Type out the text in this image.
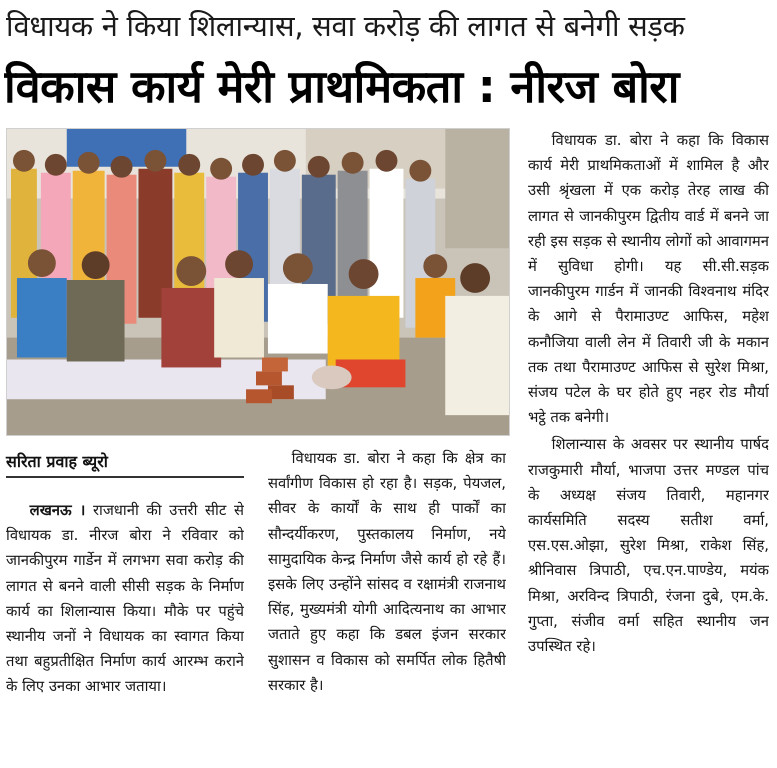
विधायक ने किया शिलान्यास, सवा करोड़ की लागत से बनेगी सड़क
विकास कार्य मेरी प्राथमिकता : नीरज बोरा
सरिता प्रवाह ब्यूरो

लखनऊ । राजधानी की उत्तरी सीट से विधायक डा. नीरज बोरा ने रविवार को जानकीपुरम गार्डेन में लगभग सवा करोड़ की लागत से बनने वाली सीसी सड़क के निर्माण कार्य का शिलान्यास किया। मौके पर पहुंचे स्थानीय जनों ने विधायक का स्वागत किया तथा बहुप्रतीक्षित निर्माण कार्य आरम्भ कराने के लिए उनका आभार जताया।

विधायक डा. बोरा ने कहा कि क्षेत्र का सर्वांगीण विकास हो रहा है। सड़क, पेयजल, सीवर के कार्यों के साथ ही पार्कों का सौन्दर्यीकरण, पुस्तकालय निर्माण, नये सामुदायिक केन्द्र निर्माण जैसे कार्य हो रहे हैं। इसके लिए उन्होंने सांसद व रक्षामंत्री राजनाथ सिंह, मुख्यमंत्री योगी आदित्यनाथ का आभार जताते हुए कहा कि डबल इंजन सरकार सुशासन व विकास को समर्पित लोक हितैषी सरकार है।

विधायक डा. बोरा ने कहा कि विकास कार्य मेरी प्राथमिकताओं में शामिल है और उसी श्रृंखला में एक करोड़ तेरह लाख की लागत से जानकीपुरम द्वितीय वार्ड में बनने जा रही इस सड़क से स्थानीय लोगों को आवागमन में सुविधा होगी। यह सी.सी.सड़क जानकीपुरम गार्डन में जानकी विश्वनाथ मंदिर के आगे से पैरामाउण्ट आफिस, महेश कनौजिया वाली लेन में तिवारी जी के मकान तक तथा पैरामाउण्ट आफिस से सुरेश मिश्रा, संजय पटेल के घर होते हुए नहर रोड मौर्या भट्ठे तक बनेगी।

शिलान्यास के अवसर पर स्थानीय पार्षद राजकुमारी मौर्या, भाजपा उत्तर मण्डल पांच के अध्यक्ष संजय तिवारी, महानगर कार्यसमिति सदस्य सतीश वर्मा, एस.एस.ओझा, सुरेश मिश्रा, राकेश सिंह, श्रीनिवास त्रिपाठी, एच.एन.पाण्डेय, मयंक मिश्रा, अरविन्द त्रिपाठी, रंजना दुबे, एम.के. गुप्ता, संजीव वर्मा सहित स्थानीय जन उपस्थित रहे।
